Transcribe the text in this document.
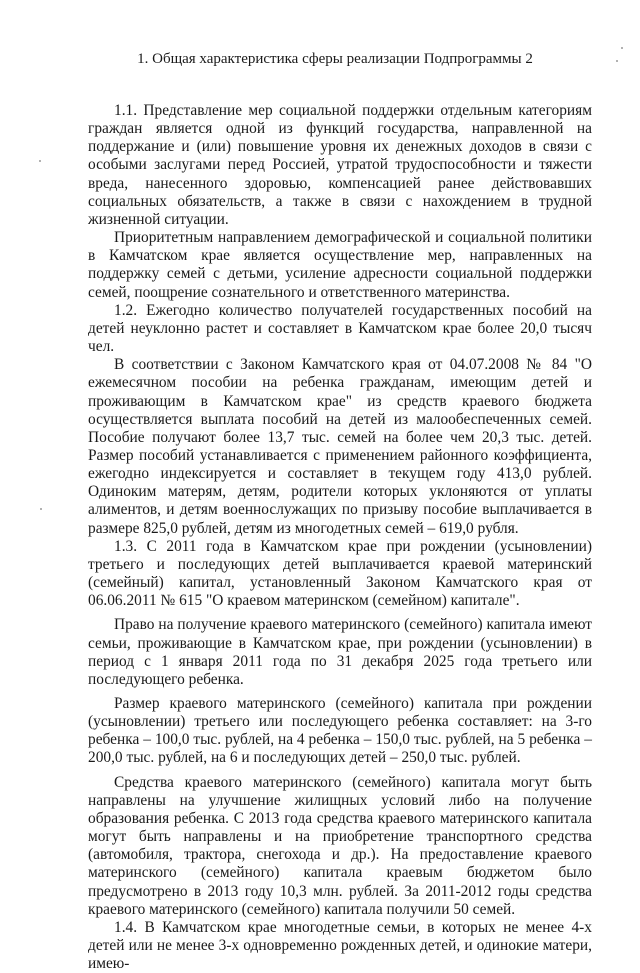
1. Общая характеристика сферы реализации Подпрограммы 2

1.1. Представление мер социальной поддержки отдельным категориям граждан является одной из функций государства, направленной на поддержание и (или) повышение уровня их денежных доходов в связи с особыми заслугами перед Россией, утратой трудоспособности и тяжести вреда, нанесенного здоровью, компенсацией ранее действовавших социальных обязательств, а также в связи с нахождением в трудной жизненной ситуации.

Приоритетным направлением демографической и социальной политики в Камчатском крае является осуществление мер, направленных на поддержку семей с детьми, усиление адресности социальной поддержки семей, поощрение сознательного и ответственного материнства.

1.2. Ежегодно количество получателей государственных пособий на детей неуклонно растет и составляет в Камчатском крае более 20,0 тысяч чел.

В соответствии с Законом Камчатского края от 04.07.2008 № 84 "О ежемесячном пособии на ребенка гражданам, имеющим детей и проживающим в Камчатском крае" из средств краевого бюджета осуществляется выплата пособий на детей из малообеспеченных семей. Пособие получают более 13,7 тыс. семей на более чем 20,3 тыс. детей. Размер пособий устанавливается с применением районного коэффициента, ежегодно индексируется и составляет в текущем году 413,0 рублей. Одиноким матерям, детям, родители которых уклоняются от уплаты алиментов, и детям военнослужащих по призыву пособие выплачивается в размере 825,0 рублей, детям из многодетных семей – 619,0 рубля.

1.3. С 2011 года в Камчатском крае при рождении (усыновлении) третьего и последующих детей выплачивается краевой материнский (семейный) капитал, установленный Законом Камчатского края от 06.06.2011 № 615 "О краевом материнском (семейном) капитале".

Право на получение краевого материнского (семейного) капитала имеют семьи, проживающие в Камчатском крае, при рождении (усыновлении) в период с 1 января 2011 года по 31 декабря 2025 года третьего или последующего ребенка.

Размер краевого материнского (семейного) капитала при рождении (усыновлении) третьего или последующего ребенка составляет: на 3-го ребенка – 100,0 тыс. рублей, на 4 ребенка – 150,0 тыс. рублей, на 5 ребенка – 200,0 тыс. рублей, на 6 и последующих детей – 250,0 тыс. рублей.

Средства краевого материнского (семейного) капитала могут быть направлены на улучшение жилищных условий либо на получение образования ребенка. С 2013 года средства краевого материнского капитала могут быть направлены и на приобретение транспортного средства (автомобиля, трактора, снегохода и др.). На предоставление краевого материнского (семейного) капитала краевым бюджетом было предусмотрено в 2013 году 10,3 млн. рублей. За 2011-2012 годы средства краевого материнского (семейного) капитала получили 50 семей.

1.4. В Камчатском крае многодетные семьи, в которых не менее 4-х детей или не менее 3-х одновременно рожденных детей, и одинокие матери, имею-
